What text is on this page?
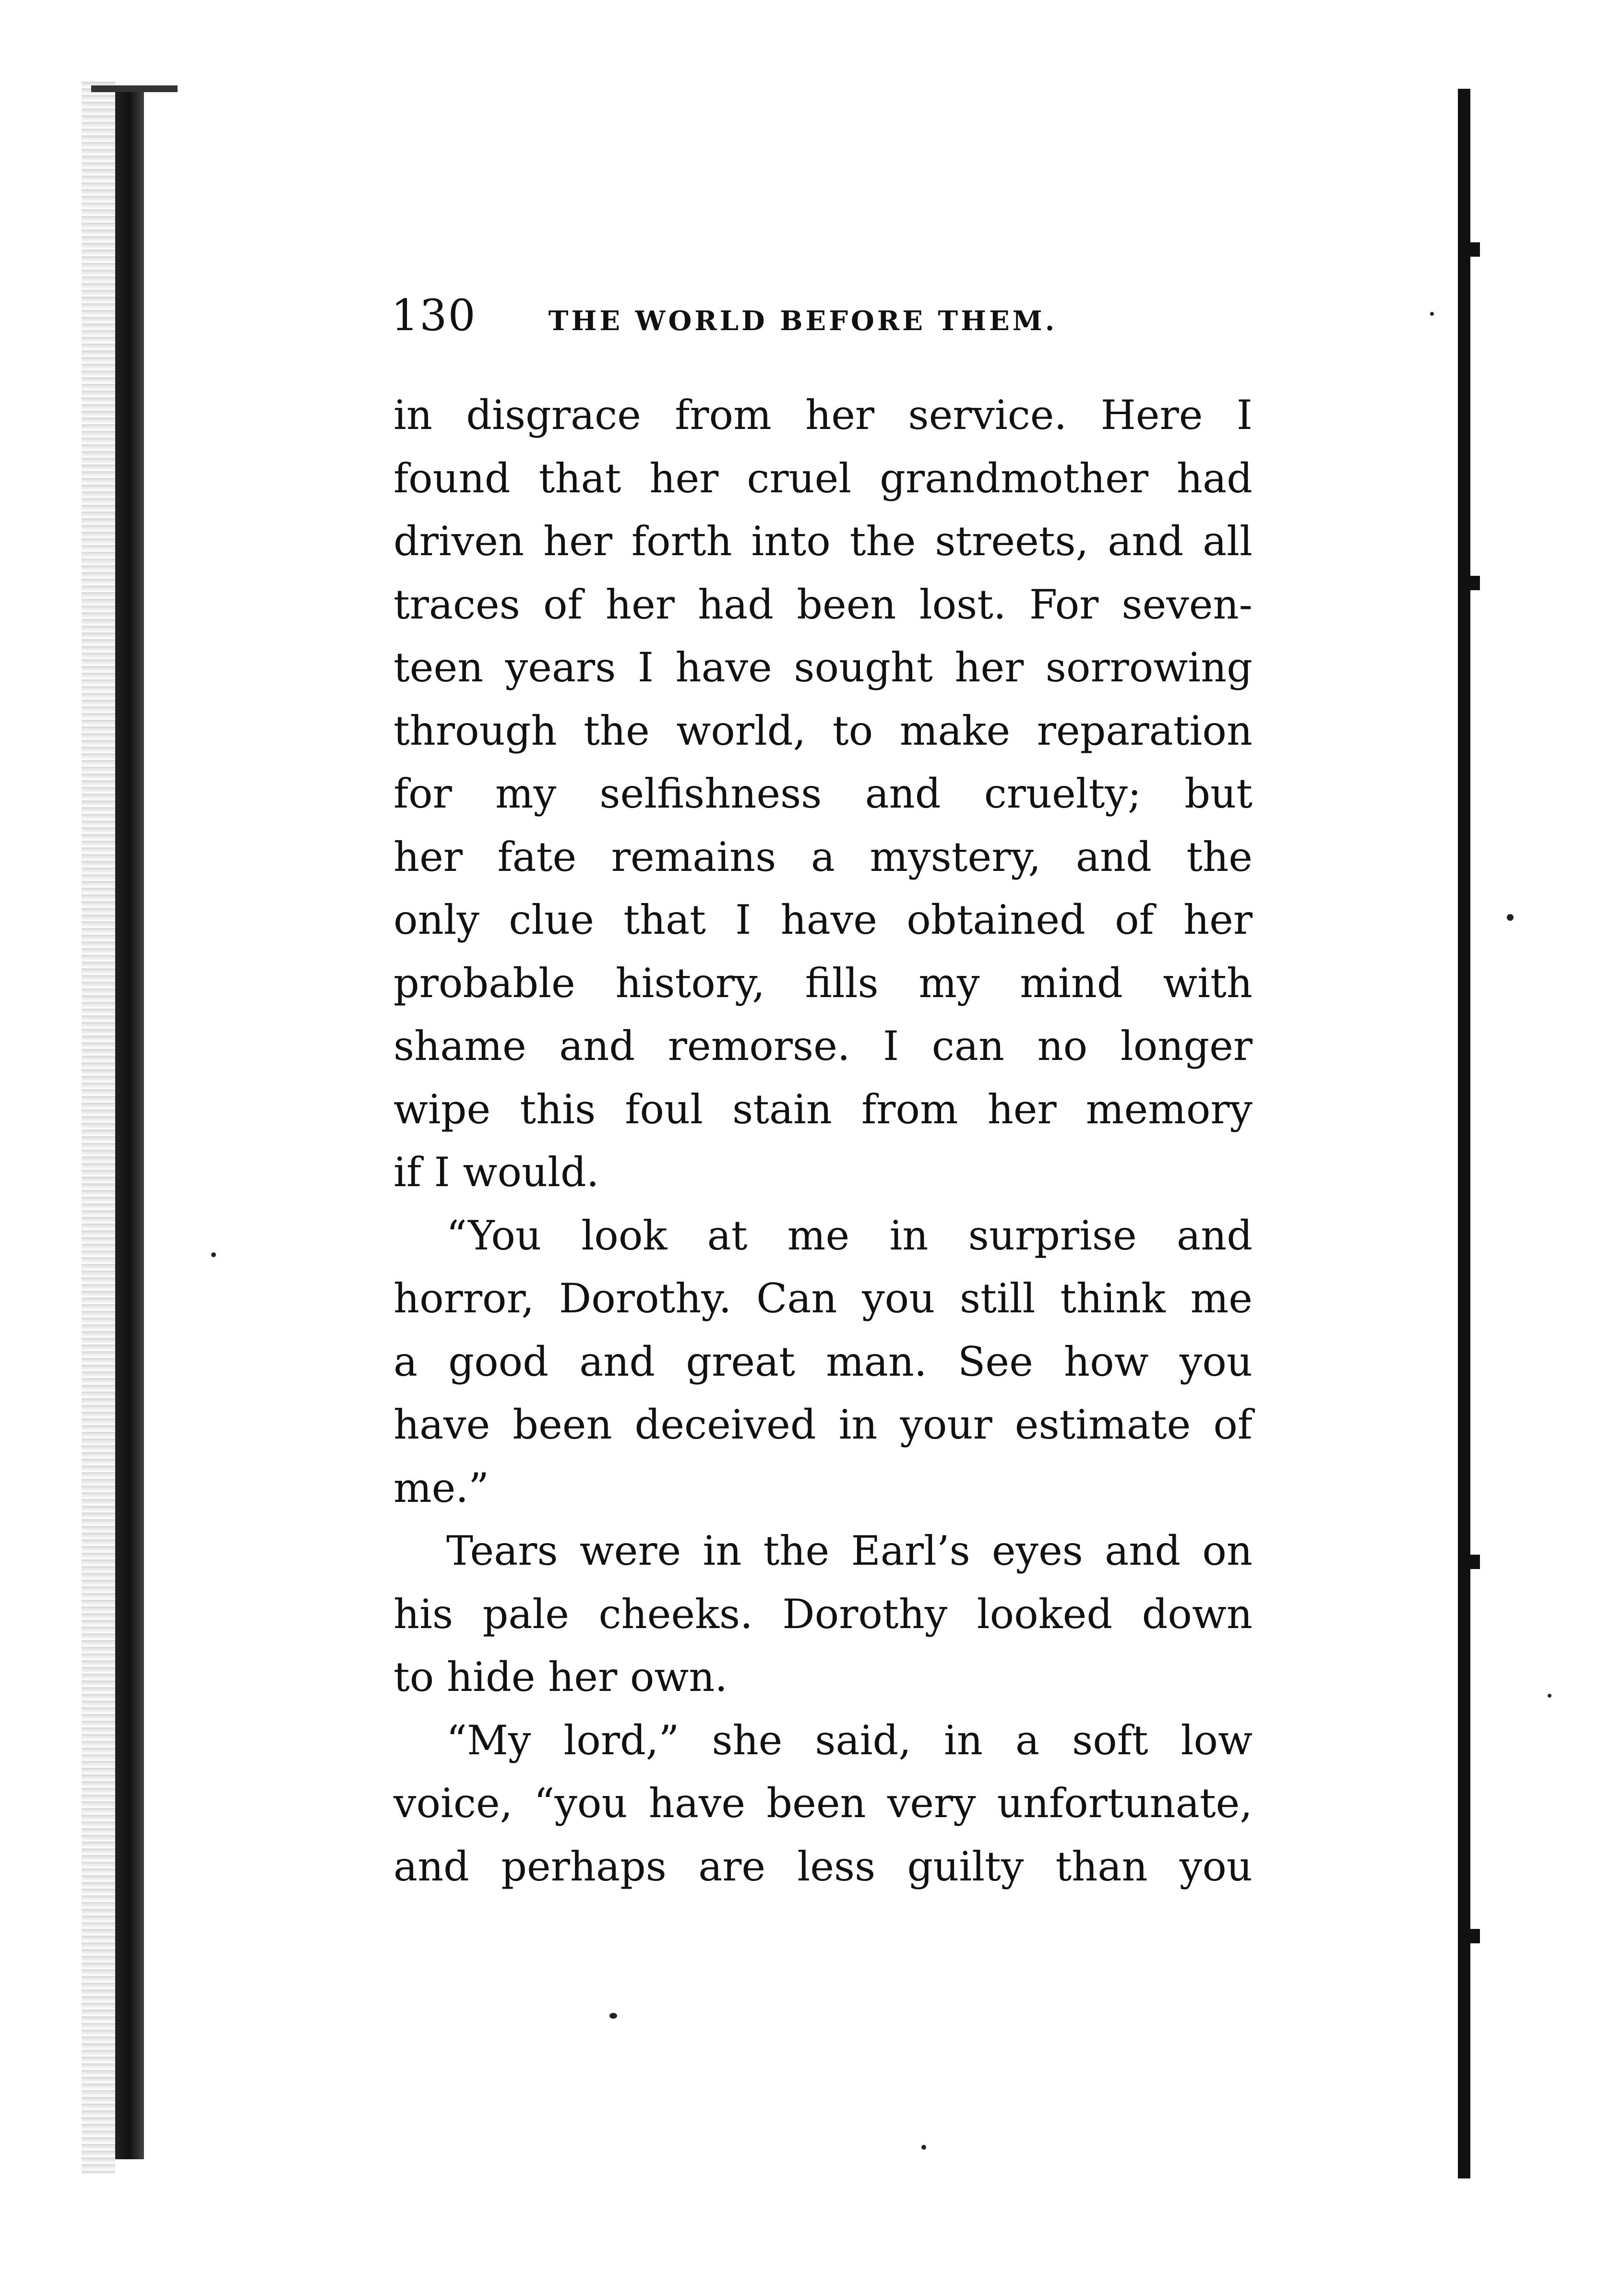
130	THE WORLD BEFORE THEM.
in disgrace from her service. Here I
found that her cruel grandmother had
driven her forth into the streets, and all
traces of her had been lost. For seven-
teen years I have sought her sorrowing
through the world, to make reparation
for my selfishness and cruelty; but
her fate remains a mystery, and the
only clue that I have obtained of her
probable history, fills my mind with
shame and remorse. I can no longer
wipe this foul stain from her memory
if I would.
“You look at me in surprise and
horror, Dorothy. Can you still think me
a good and great man. See how you
have been deceived in your estimate of
me.”
Tears were in the Earl’s eyes and on
his pale cheeks. Dorothy looked down
to hide her own.
“My lord,” she said, in a soft low
voice, “you have been very unfortunate,
and perhaps are less guilty than you
